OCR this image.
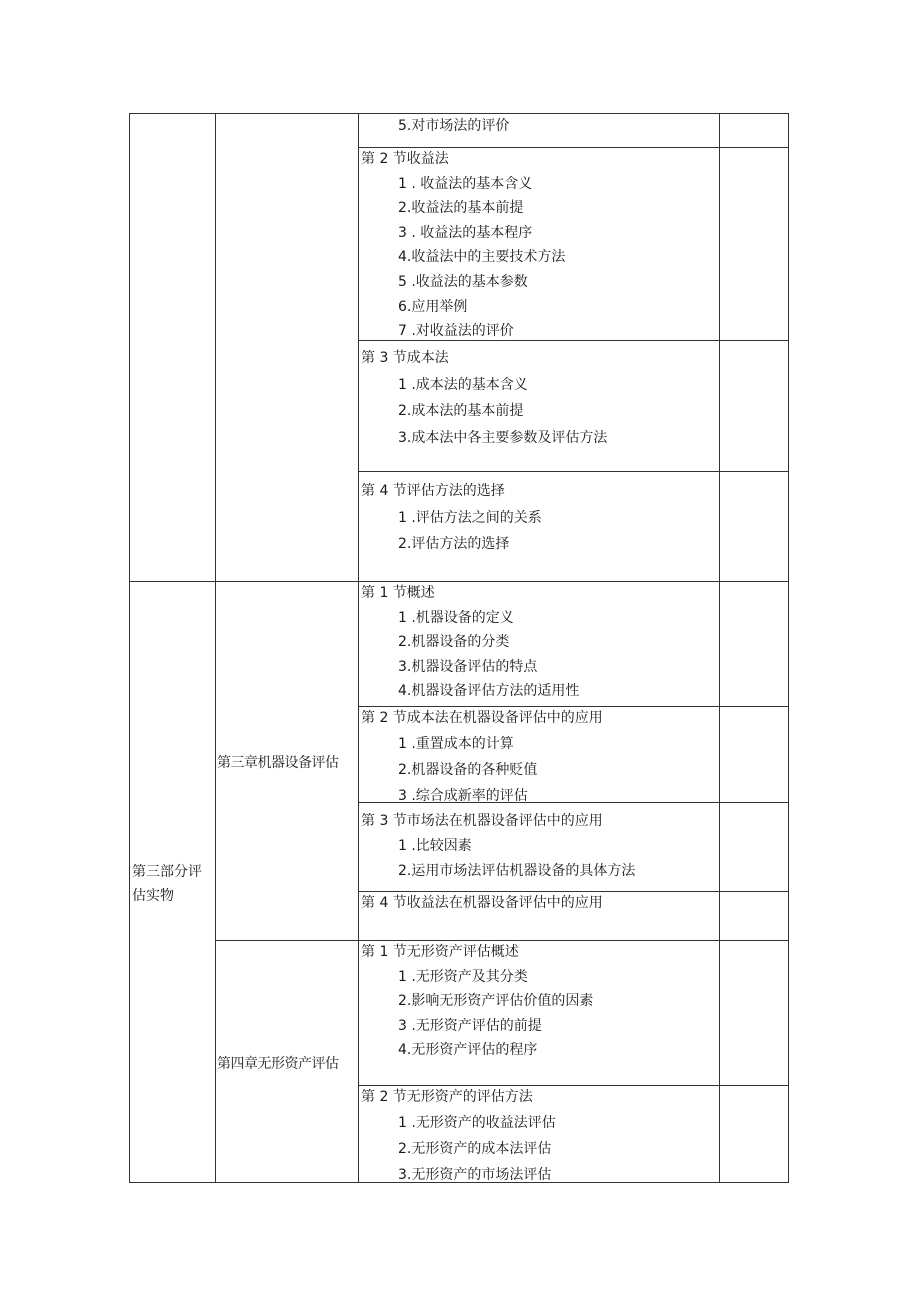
第三部分评估实物
第三章机器设备评估
第四章无形资产评估
5.对市场法的评价
第 2 节收益法
1 . 收益法的基本含义
2.收益法的基本前提
3 . 收益法的基本程序
4.收益法中的主要技术方法
5 .收益法的基本参数
6.应用举例
7 .对收益法的评价
第 3 节成本法
1 .成本法的基本含义
2.成本法的基本前提
3.成本法中各主要参数及评估方法
第 4 节评估方法的选择
1 .评估方法之间的关系
2.评估方法的选择
第 1 节概述
1 .机器设备的定义
2.机器设备的分类
3.机器设备评估的特点
4.机器设备评估方法的适用性
第 2 节成本法在机器设备评估中的应用
1 .重置成本的计算
2.机器设备的各种贬值
3 .综合成新率的评估
第 3 节市场法在机器设备评估中的应用
1 .比较因素
2.运用市场法评估机器设备的具体方法
第 4 节收益法在机器设备评估中的应用
第 1 节无形资产评估概述
1 .无形资产及其分类
2.影响无形资产评估价值的因素
3 .无形资产评估的前提
4.无形资产评估的程序
第 2 节无形资产的评估方法
1 .无形资产的收益法评估
2.无形资产的成本法评估
3.无形资产的市场法评估
